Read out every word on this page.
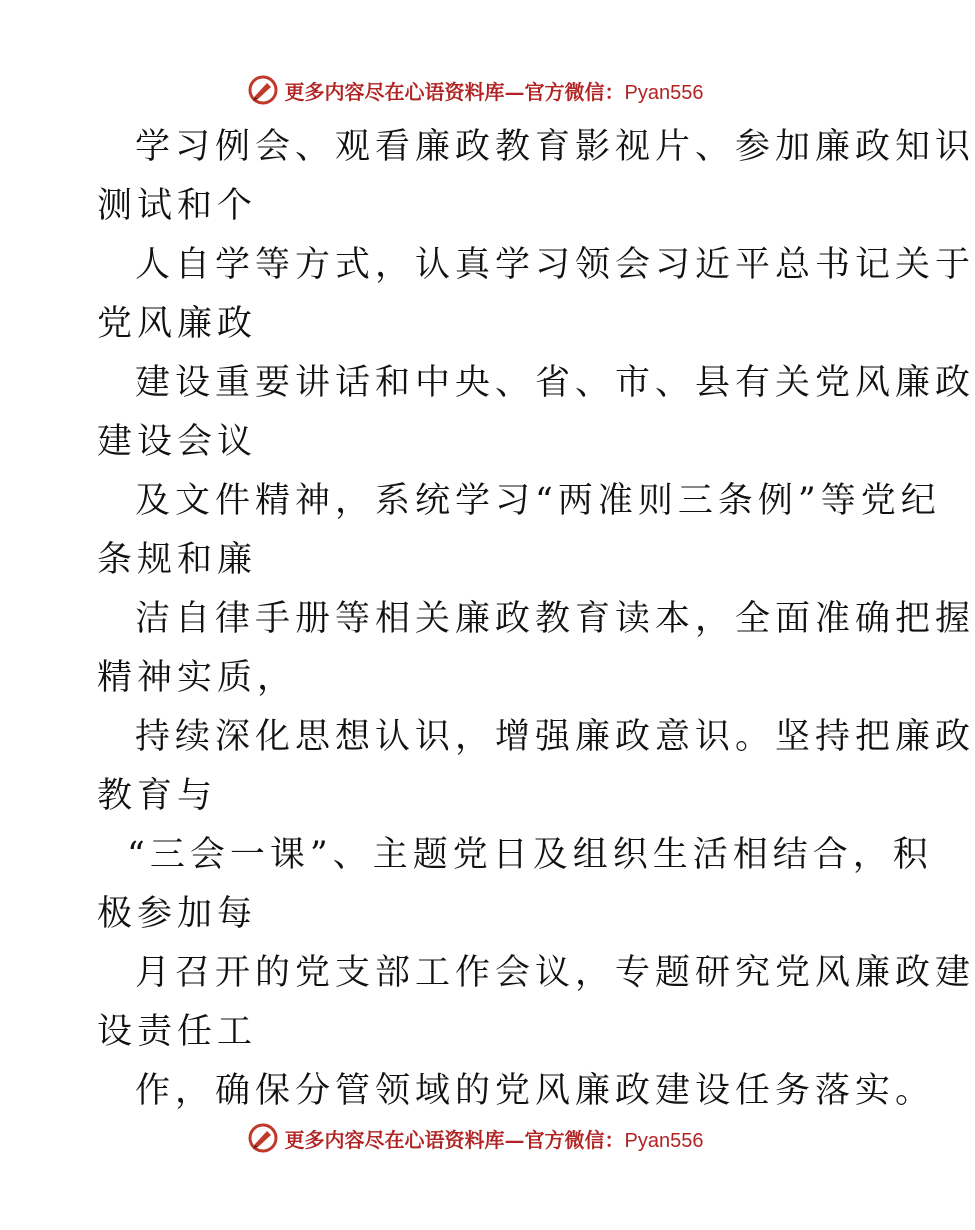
更多内容尽在心语资料库—官方微信：Pyan556
学习例会、观看廉政教育影视片、参加廉政知识
测试和个
人自学等方式，认真学习领会习近平总书记关于
党风廉政
建设重要讲话和中央、省、市、县有关党风廉政
建设会议
及文件精神，系统学习“两准则三条例”等党纪
条规和廉
洁自律手册等相关廉政教育读本，全面准确把握
精神实质，
持续深化思想认识，增强廉政意识。坚持把廉政
教育与
“三会一课”、主题党日及组织生活相结合，积
极参加每
月召开的党支部工作会议，专题研究党风廉政建
设责任工
作，确保分管领域的党风廉政建设任务落实。
更多内容尽在心语资料库—官方微信：Pyan556
